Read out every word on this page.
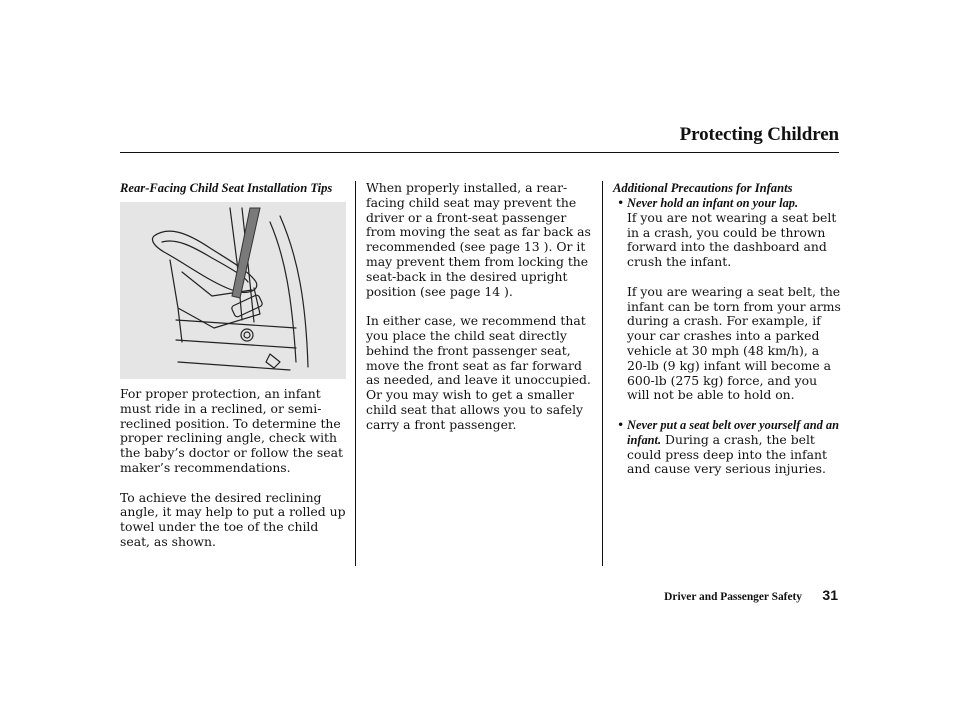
Protecting Children
Rear-Facing Child Seat Installation Tips

For proper protection, an infant must ride in a reclined, or semi-reclined position. To determine the proper reclining angle, check with the baby’s doctor or follow the seat maker’s recommendations.

To achieve the desired reclining angle, it may help to put a rolled up towel under the toe of the child seat, as shown.

When properly installed, a rear-facing child seat may prevent the driver or a front-seat passenger from moving the seat as far back as recommended (see page 13 ). Or it may prevent them from locking the seat-back in the desired upright position (see page 14 ).

In either case, we recommend that you place the child seat directly behind the front passenger seat, move the front seat as far forward as needed, and leave it unoccupied. Or you may wish to get a smaller child seat that allows you to safely carry a front passenger.

Additional Precautions for Infants
• Never hold an infant on your lap.

If you are not wearing a seat belt in a crash, you could be thrown forward into the dashboard and crush the infant.

If you are wearing a seat belt, the infant can be torn from your arms during a crash. For example, if your car crashes into a parked vehicle at 30 mph (48 km/h), a 20-lb (9 kg) infant will become a 600-lb (275 kg) force, and you will not be able to hold on.

• Never put a seat belt over yourself and an infant. During a crash, the belt could press deep into the infant and cause very serious injuries.

Driver and Passenger Safety 31
